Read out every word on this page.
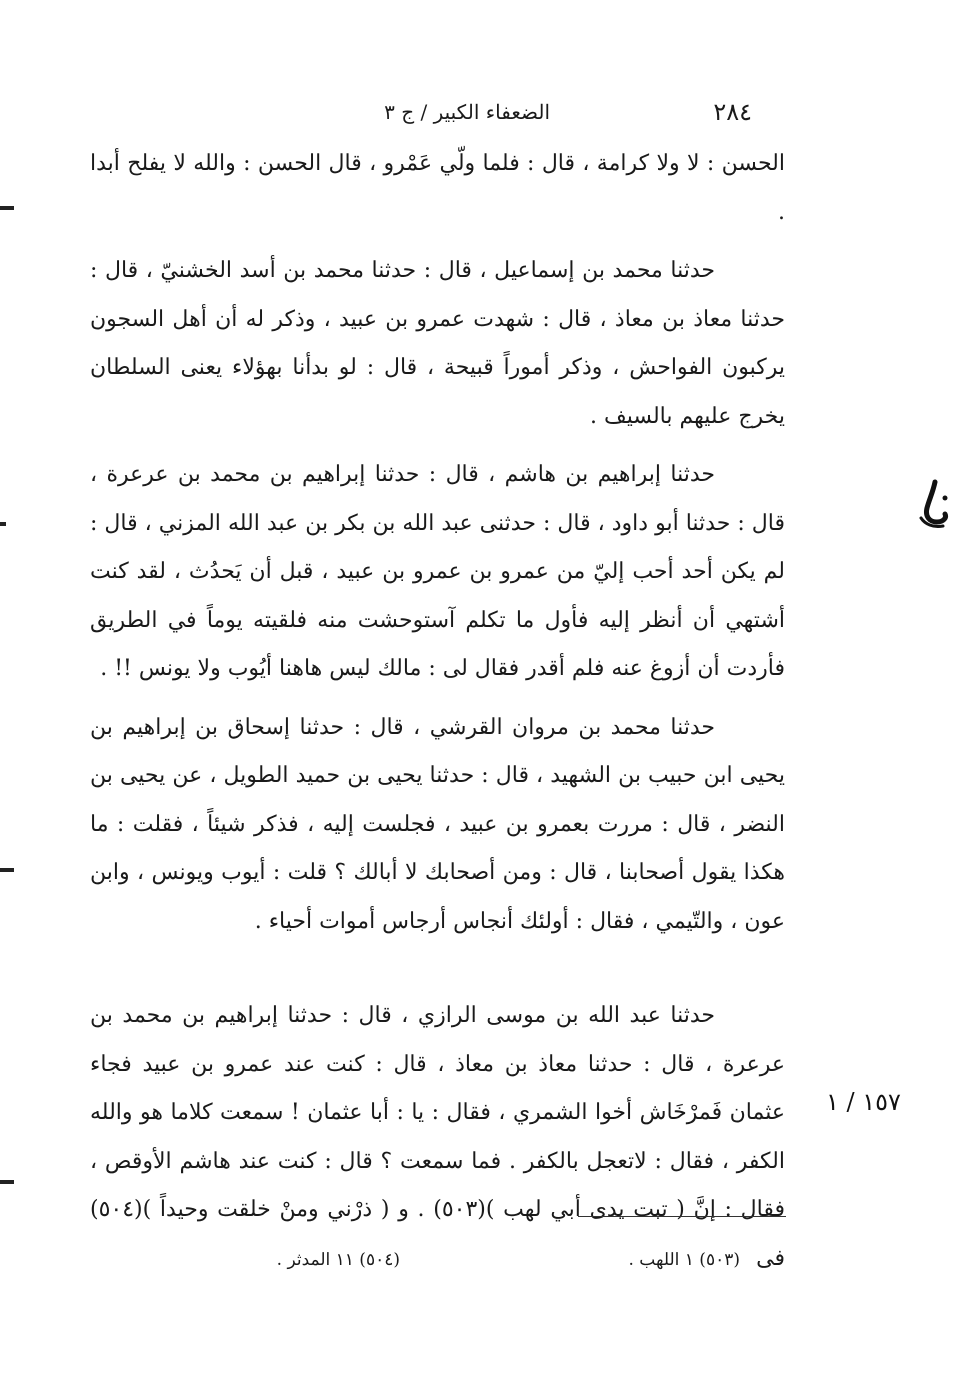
٢٨٤
الضعفاء الكبير / ج ٣

الحسن : لا ولا كرامة ، قال : فلما ولّي عَمْرو ، قال الحسن : والله لا يفلح أبدا .

حدثنا محمد بن إسماعيل ، قال : حدثنا محمد بن أسد الخشنيّ ، قال : حدثنا معاذ بن معاذ ، قال : شهدت عمرو بن عبيد ، وذكر له أن أهل السجون يركبون الفواحش ، وذكر أموراً قبيحة ، قال : لو بدأنا بهؤلاء يعنى السلطان يخرج عليهم بالسيف .

حدثنا إبراهيم بن هاشم ، قال : حدثنا إبراهيم بن محمد بن عرعرة ، قال : حدثنا أبو داود ، قال : حدثنى عبد الله بن بكر بن عبد الله المزني ، قال : لم يكن أحد أحب إليّ من عمرو بن عمرو بن عبيد ، قبل أن يَحدُث ، لقد كنت أشتهي أن أنظر إليه فأول ما تكلم آستوحشت منه فلقيته يوماً في الطريق فأردت أن أزوغ عنه فلم أقدر فقال لى : مالك ليس هاهنا أيُوب ولا يونس !! .

حدثنا محمد بن مروان القرشي ، قال : حدثنا إسحاق بن إبراهيم بن يحيى ابن حبيب بن الشهيد ، قال : حدثنا يحيى بن حميد الطويل ، عن يحيى بن النضر ، قال : مررت بعمرو بن عبيد ، فجلست إليه ، فذكر شيئاً ، فقلت : ما هكذا يقول أصحابنا ، قال : ومن أصحابك لا أبالك ؟ قلت : أيوب ويونس ، وابن عون ، والتّيمي ، فقال : أولئك أنجاس أرجاس أموات أحياء .

حدثنا عبد الله بن موسى الرازي ، قال : حدثنا إبراهيم بن محمد بن عرعرة ، قال : حدثنا معاذ بن معاذ ، قال : كنت عند عمرو بن عبيد فجاء عثمان فَمرْخَاش أخوا الشمري ، فقال : يا : أبا عثمان ! سمعت كلاما هو والله الكفر ، فقال : لاتعجل بالكفر . فما سمعت ؟ قال : كنت عند هاشم الأوقص ، فقال : إنَّ ( تبت يدى أبي لهب )(٥٠٣) . و ( ذرْني ومنْ خلقت وحيداً )(٥٠٤) فى

١٥٧ / ١
(٥٠٣) ١ اللهب .
(٥٠٤) ١١ المدثر .
